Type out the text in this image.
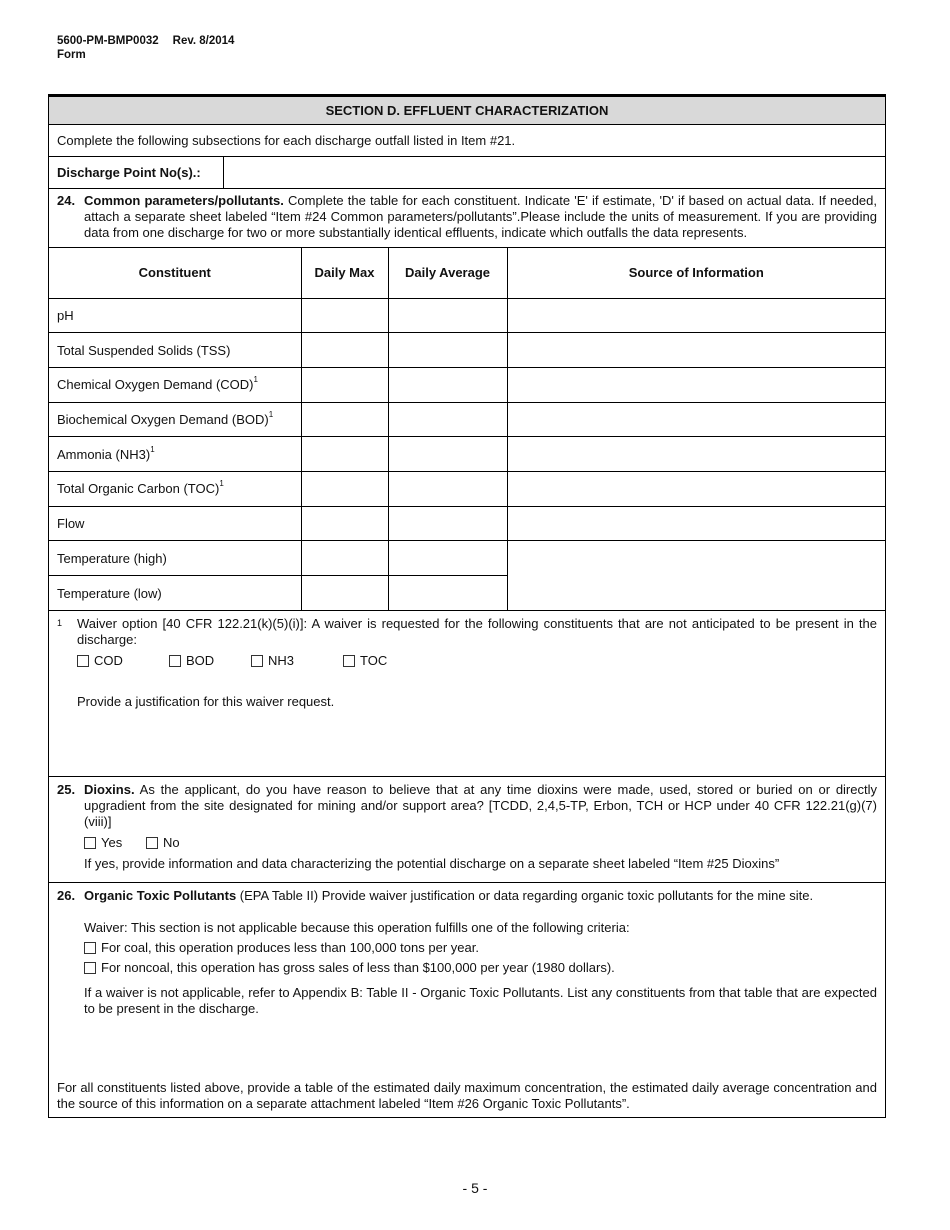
5600-PM-BMP0032 Rev. 8/2014
Form
SECTION D. EFFLUENT CHARACTERIZATION
Complete the following subsections for each discharge outfall listed in Item #21.
Discharge Point No(s).:
24. Common parameters/pollutants. Complete the table for each constituent. Indicate 'E' if estimate, 'D' if based on actual data. If needed, attach a separate sheet labeled “Item #24 Common parameters/pollutants”.Please include the units of measurement. If you are providing data from one discharge for two or more substantially identical effluents, indicate which outfalls the data represents.
Constituent	Daily Max	Daily Average	Source of Information
pH			
Total Suspended Solids (TSS)			
Chemical Oxygen Demand (COD)$^1$			
Biochemical Oxygen Demand (BOD)$^1$			
Ammonia $(NH3)^1$			
Total Organic Carbon (TOC)$^1$			
Flow			
Temperature (high)			
Temperature (low)			
1 Waiver option [40 CFR 122.21(k)(5)(i)]: A waiver is requested for the following constituents that are not anticipated to be present in the discharge:
COD	BOD	NH3	TOC
Provide a justification for this waiver request.
25. Dioxins. As the applicant, do you have reason to believe that at any time dioxins were made, used, stored or buried on or directly upgradient from the site designated for mining and/or support area? [TCDD, 2,4,5-TP, Erbon, TCH or HCP under 40 CFR 122.21(g)(7)(viii)]
Yes	No
If yes, provide information and data characterizing the potential discharge on a separate sheet labeled “Item #25 Dioxins”
26. Organic Toxic Pollutants (EPA Table II) Provide waiver justification or data regarding organic toxic pollutants for the mine site.
Waiver: This section is not applicable because this operation fulfills one of the following criteria:
For coal, this operation produces less than 100,000 tons per year.
For noncoal, this operation has gross sales of less than $100,000 per year (1980 dollars).
If a waiver is not applicable, refer to Appendix B: Table II - Organic Toxic Pollutants. List any constituents from that table that are expected to be present in the discharge.
For all constituents listed above, provide a table of the estimated daily maximum concentration, the estimated daily average concentration and the source of this information on a separate attachment labeled “Item #26 Organic Toxic Pollutants”.
- 5 -
